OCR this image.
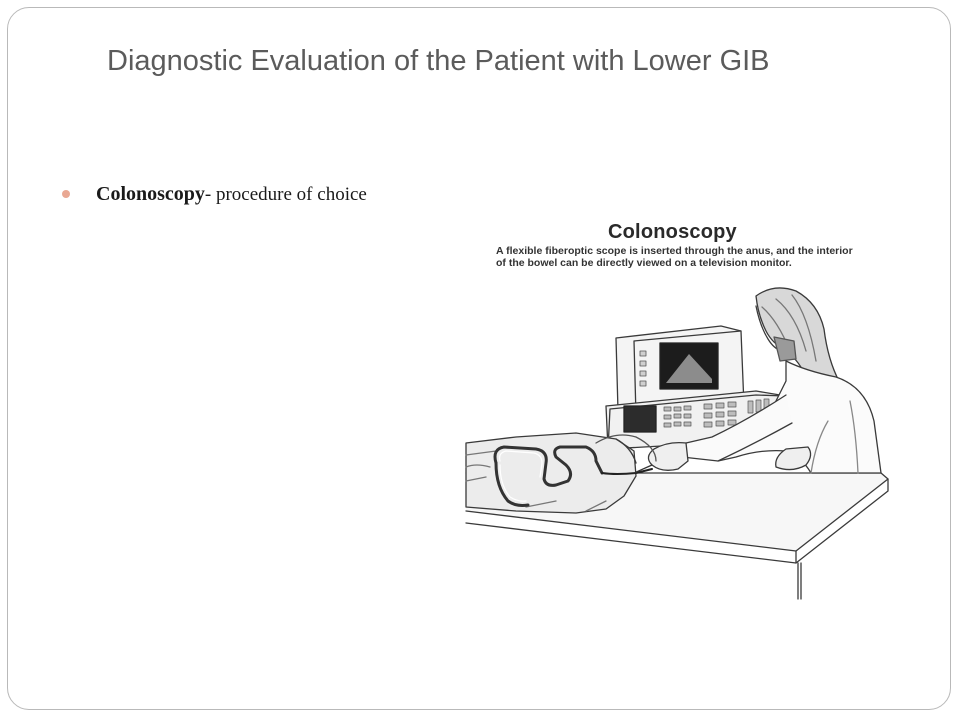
Diagnostic Evaluation of the Patient with Lower GIB
Colonoscopy- procedure of choice
Colonoscopy
A flexible fiberoptic scope is inserted through the anus, and the interior of the bowel can be directly viewed on a television monitor.
